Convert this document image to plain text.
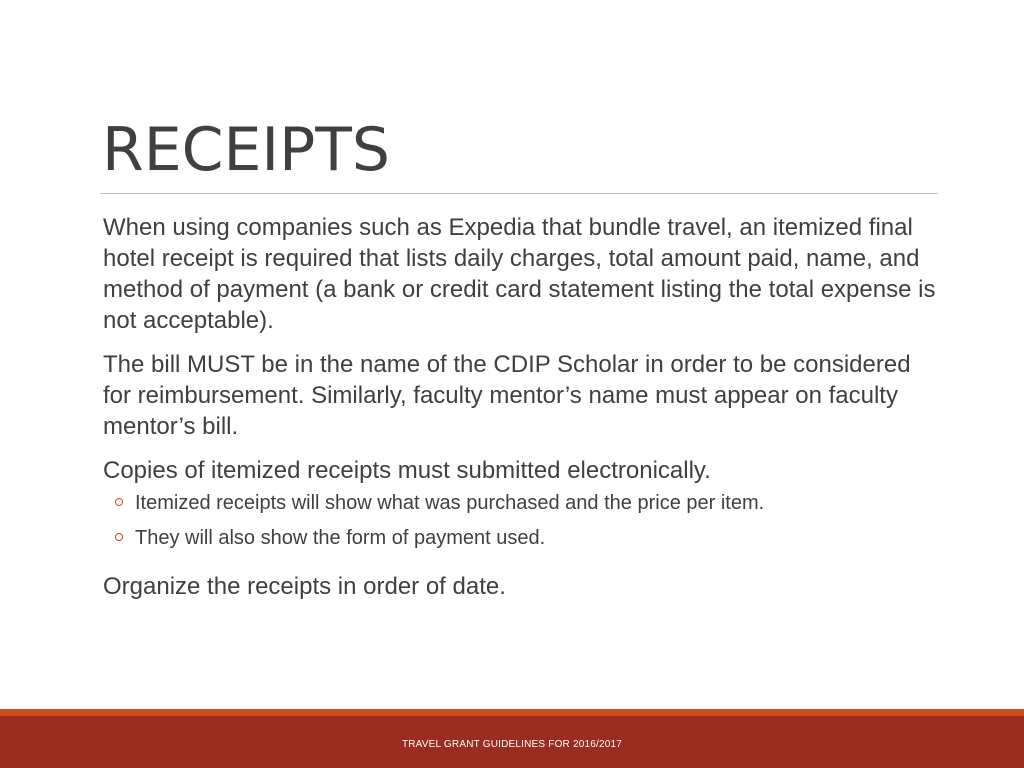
RECEIPTS

When using companies such as Expedia that bundle travel, an itemized final hotel receipt is required that lists daily charges, total amount paid, name, and method of payment (a bank or credit card statement listing the total expense is not acceptable).

The bill MUST be in the name of the CDIP Scholar in order to be considered for reimbursement. Similarly, faculty mentor’s name must appear on faculty mentor’s bill.

Copies of itemized receipts must submitted electronically.

Itemized receipts will show what was purchased and the price per item.
They will also show the form of payment used.

Organize the receipts in order of date.

TRAVEL GRANT GUIDELINES FOR 2016/2017
